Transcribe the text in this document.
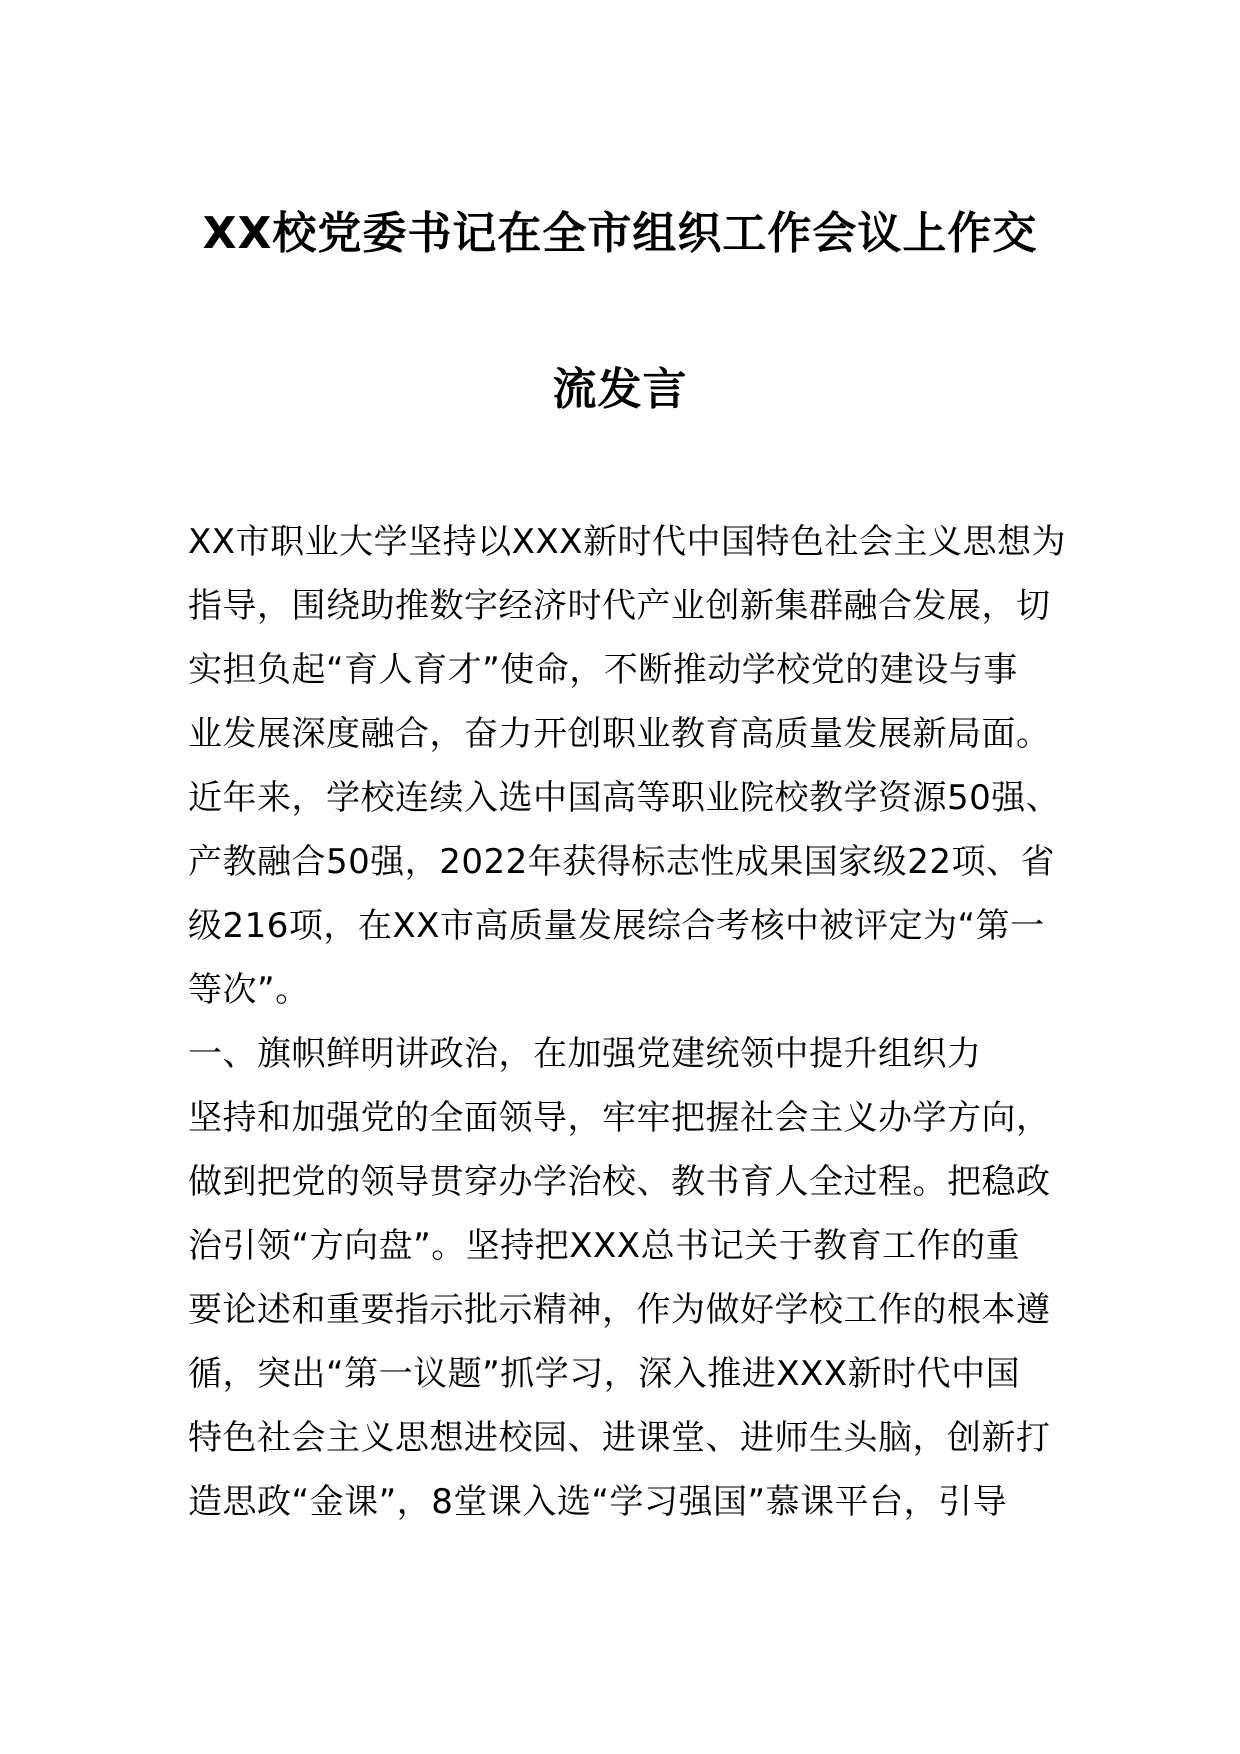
XX校党委书记在全市组织工作会议上作交
流发言
XX市职业大学坚持以XXX新时代中国特色社会主义思想为
指导，围绕助推数字经济时代产业创新集群融合发展，切
实担负起“育人育才”使命，不断推动学校党的建设与事
业发展深度融合，奋力开创职业教育高质量发展新局面。
近年来，学校连续入选中国高等职业院校教学资源50强、
产教融合50强，2022年获得标志性成果国家级22项、省
级216项，在XX市高质量发展综合考核中被评定为“第一
等次”。
一、旗帜鲜明讲政治，在加强党建统领中提升组织力
坚持和加强党的全面领导，牢牢把握社会主义办学方向，
做到把党的领导贯穿办学治校、教书育人全过程。把稳政
治引领“方向盘”。坚持把XXX总书记关于教育工作的重
要论述和重要指示批示精神，作为做好学校工作的根本遵
循，突出“第一议题”抓学习，深入推进XXX新时代中国
特色社会主义思想进校园、进课堂、进师生头脑，创新打
造思政“金课”，8堂课入选“学习强国”慕课平台，引导
